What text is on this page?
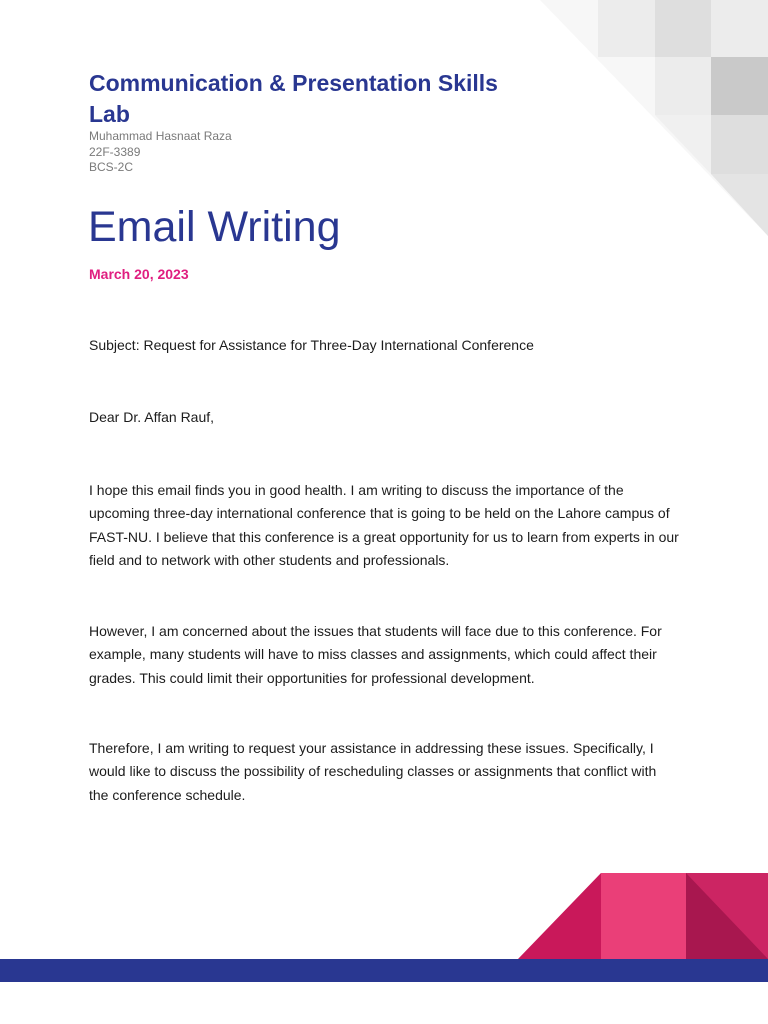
Communication & Presentation Skills Lab
Muhammad Hasnaat Raza
22F-3389
BCS-2C
Email Writing
March 20, 2023

Subject: Request for Assistance for Three-Day International Conference

Dear Dr. Affan Rauf,

I hope this email finds you in good health. I am writing to discuss the importance of the
upcoming three-day international conference that is going to be held on the Lahore campus of
FAST-NU. I believe that this conference is a great opportunity for us to learn from experts in our
field and to network with other students and professionals.

However, I am concerned about the issues that students will face due to this conference. For
example, many students will have to miss classes and assignments, which could affect their
grades. This could limit their opportunities for professional development.

Therefore, I am writing to request your assistance in addressing these issues. Specifically, I
would like to discuss the possibility of rescheduling classes or assignments that conflict with
the conference schedule.
